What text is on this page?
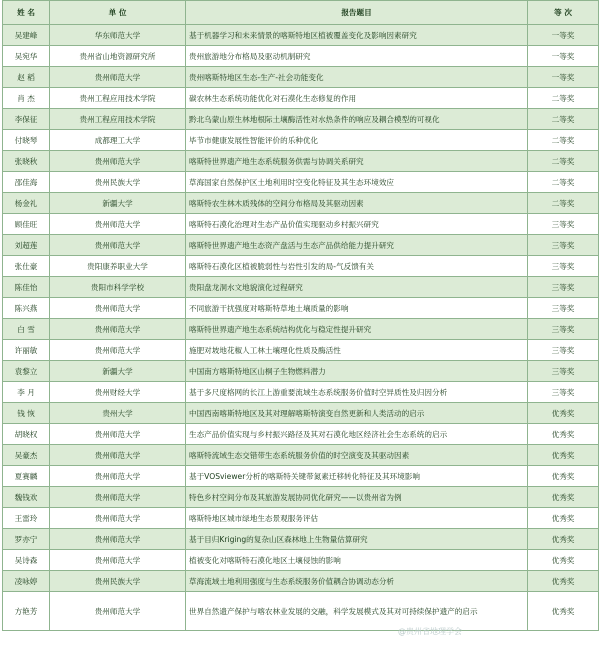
姓 名	单 位	报告题目	等 次
吴建峰	华东师范大学	基于机器学习和未来情景的喀斯特地区植被覆盖变化及影响因素研究	一等奖
吴宛华	贵州省山地资源研究所	贵州旅游地分布格局及驱动机制研究	一等奖
赵 稻	贵州师范大学	贵州喀斯特地区生态-生产-社会功能变化	一等奖
肖 杰	贵州工程应用技术学院	碳农林生态系统功能优化对石漠化生态修复的作用	二等奖
李保征	贵州工程应用技术学院	黔北乌蒙山原生林地根际土壤酶活性对水热条件的响应及耦合模型的可视化	二等奖
付晓琴	成都理工大学	毕节市健康发展性智能评价的乐种优化	二等奖
张晓秋	贵州师范大学	喀斯特世界遗产地生态系统服务供需与协调关系研究	二等奖
邵佳海	贵州民族大学	草海国家自然保护区土地利用时空变化特征及其生态环境效应	二等奖
杨金礼	新疆大学	喀斯特农生林木质残体的空间分布格局及其驱动因素	二等奖
顾佳旺	贵州师范大学	喀斯特石漠化治理对生态产品价值实现驱动乡村振兴研究	三等奖
刘超莲	贵州师范大学	喀斯特世界遗产地生态资产盘活与生态产品供给能力提升研究	三等奖
张仕豪	贵阳康养职业大学	喀斯特石漠化区植被脆弱性与岩性引发的局-气反馈有关	三等奖
陈佳怡	贵阳市科学学校	贵阳盘龙洞水文地貌演化过程研究	三等奖
陈兴燕	贵州师范大学	不同旅游干扰强度对喀斯特草地土壤质量的影响	三等奖
白 雪	贵州师范大学	喀斯特世界遗产地生态系统结构优化与稳定性提升研究	三等奖
许丽敏	贵州师范大学	施肥对坡地花椒人工林土壤理化性质及酶活性	三等奖
袁黎立	新疆大学	中国南方喀斯特地区山桐子生物燃料潜力	三等奖
李 月	贵州财经大学	基于多尺度格网的长江上游重要流域生态系统服务价值时空异质性及归因分析	三等奖
钱 恢	贵州大学	中国西南喀斯特地区及其对理解喀斯特演变自然更新和人类活动的启示	优秀奖
胡晓权	贵州师范大学	生态产品价值实现与乡村振兴路径及其对石漠化地区经济社会生态系统的启示	优秀奖
吴豪杰	贵州师范大学	喀斯特流域生态交错带生态系统服务价值的时空演变及其驱动因素	优秀奖
夏赛麟	贵州师范大学	基于VOSviewer分析的喀斯特关键带氮素迁移转化特征及其环境影响	优秀奖
魏钱欢	贵州师范大学	特色乡村空间分布及其旅游发展协同优化研究——以贵州省为例	优秀奖
王雷玲	贵州师范大学	喀斯特地区城市绿地生态景观服务评估	优秀奖
罗亦宁	贵州师范大学	基于目归Kriging的复杂山区森林地上生物量估算研究	优秀奖
吴诗森	贵州师范大学	植被变化对喀斯特石漠化地区土壤侵蚀的影响	优秀奖
凌咏婷	贵州民族大学	草海流域土地利用强度与生态系统服务价值耦合协调动态分析	优秀奖
方艳芳	贵州师范大学	世界自然遗产保护与喀农林业发展的交融，科学发展模式及其对可持续保护遗产的启示	优秀奖
@贵州省地理学会
